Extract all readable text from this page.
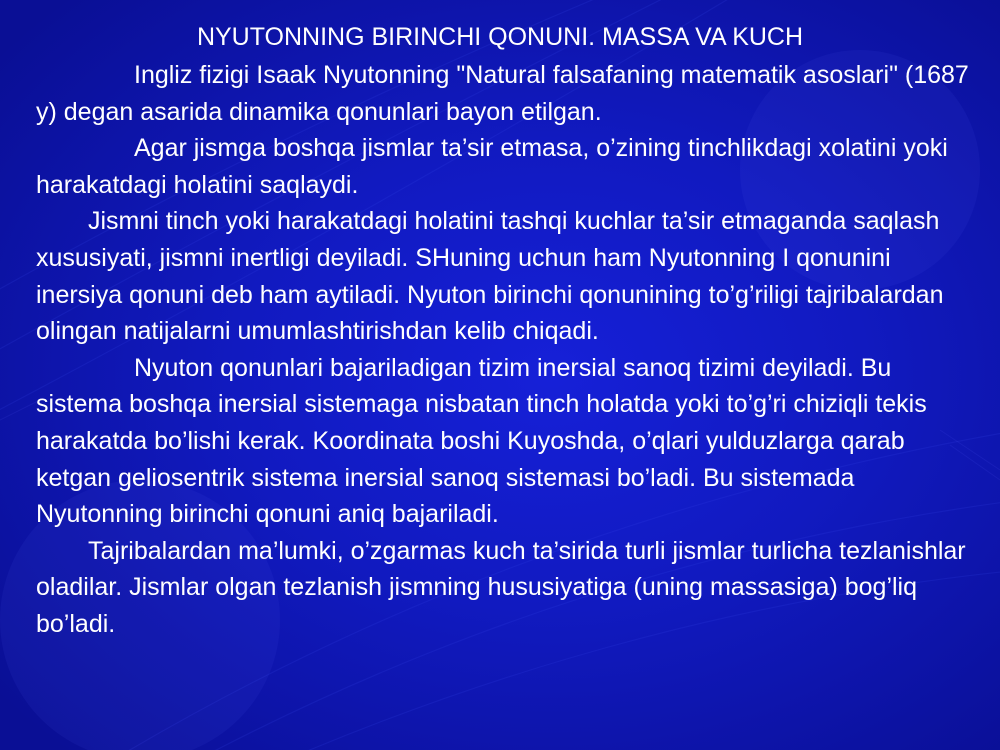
NYUTONNING BIRINCHI QONUNI. MASSA VA KUCH

Ingliz fizigi Isaak Nyutonning "Natural falsafaning matematik asoslari" (1687 y) degan asarida dinamika qonunlari bayon etilgan.

Agar jismga boshqa jismlar ta’sir etmasa, o’zining tinchlikdagi xolatini yoki harakatdagi holatini saqlaydi.

Jismni tinch yoki harakatdagi holatini tashqi kuchlar ta’sir etmaganda saqlash xususiyati, jismni inertligi deyiladi. SHuning uchun ham Nyutonning I qonunini inersiya qonuni deb ham aytiladi. Nyuton birinchi qonunining to’g’riligi tajribalardan olingan natijalarni umumlashtirishdan kelib chiqadi.

Nyuton qonunlari bajariladigan tizim inersial sanoq tizimi deyiladi. Bu sistema boshqa inersial sistemaga nisbatan tinch holatda yoki to’g’ri chiziqli tekis harakatda bo’lishi kerak. Koordinata boshi Kuyoshda, o’qlari yulduzlarga qarab ketgan geliosentrik sistema inersial sanoq sistemasi bo’ladi. Bu sistemada Nyutonning birinchi qonuni aniq bajariladi.

Tajribalardan ma’lumki, o’zgarmas kuch ta’sirida turli jismlar turlicha tezlanishlar oladilar. Jismlar olgan tezlanish jismning hususiyatiga (uning massasiga) bog’liq bo’ladi.
